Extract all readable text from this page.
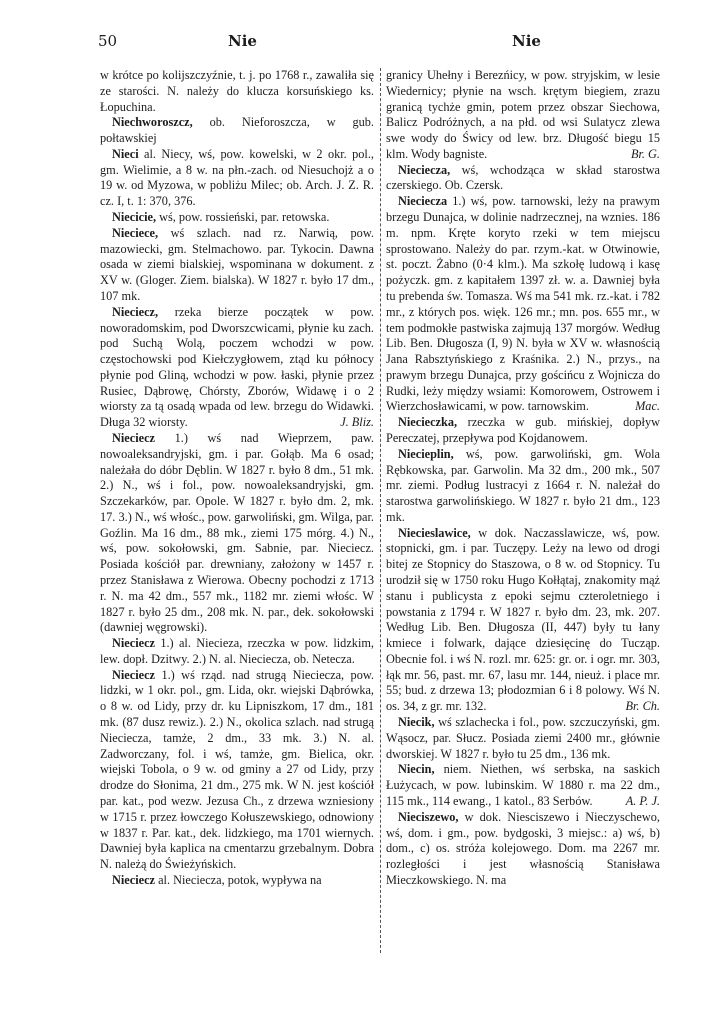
50	Nie	Nie

w krótce po kolijszczyźnie, t. j. po 1768 r., zawaliła się ze starości. N. należy do klucza korsuńskiego ks. Łopuchina.

Niechworoszcz, ob. Nieforoszcza, w gub. połtawskiej

Nieci al. Niecy, wś, pow. kowelski, w 2 okr. pol., gm. Wielimie, a 8 w. na płn.-zach. od Niesuchojż a o 19 w. od Myzowa, w pobliżu Milec; ob. Arch. J. Z. R. cz. I, t. 1: 370, 376.

Niecicie, wś, pow. rossieński, par. retowska.

Nieciece, wś szlach. nad rz. Narwią, pow. mazowiecki, gm. Stelmachowo. par. Tykocin. Dawna osada w ziemi bialskiej, wspominana w dokument. z XV w. (Gloger. Ziem. bialska). W 1827 r. było 17 dm., 107 mk.

Nieciecz, rzeka bierze początek w pow. noworadomskim, pod Dworszcwicami, płynie ku zach. pod Suchą Wolą, poczem wchodzi w pow. częstochowski pod Kiełczygłowem, ztąd ku północy płynie pod Gliną, wchodzi w pow. łaski, płynie przez Rusiec, Dąbrowę, Chórsty, Zborów, Widawę i o 2 wiorsty za tą osadą wpada od lew. brzegu do Widawki. Długa 32 wiorsty.	J. Bliz.

Nieciecz 1.) wś nad Wieprzem, paw. nowoaleksandryjski, gm. i par. Gołąb. Ma 6 osad; należała do dóbr Dęblin. W 1827 r. było 8 dm., 51 mk. 2.) N., wś i fol., pow. nowoaleksandryjski, gm. Szczekarków, par. Opole. W 1827 r. było dm. 2, mk. 17. 3.) N., wś włośc., pow. garwoliński, gm. Wilga, par. Goźlin. Ma 16 dm., 88 mk., ziemi 175 mórg. 4.) N., wś, pow. sokołowski, gm. Sabnie, par. Nieciecz. Posiada kościół par. drewniany, założony w 1457 r. przez Stanisława z Wierowa. Obecny pochodzi z 1713 r. N. ma 42 dm., 557 mk., 1182 mr. ziemi włośc. W 1827 r. było 25 dm., 208 mk. N. par., dek. sokołowski (dawniej węgrowski).

Nieciecz 1.) al. Niecieza, rzeczka w pow. lidzkim, lew. dopł. Dzitwy. 2.) N. al. Nieciecza, ob. Netecza.

Nieciecz 1.) wś rząd. nad strugą Nieciecza, pow. lidzki, w 1 okr. pol., gm. Lida, okr. wiejski Dąbrówka, o 8 w. od Lidy, przy dr. ku Lipniszkom, 17 dm., 181 mk. (87 dusz rewiz.). 2.) N., okolica szlach. nad strugą Nieciecza, tamże, 2 dm., 33 mk. 3.) N. al. Zadworczany, fol. i wś, tamże, gm. Bielica, okr. wiejski Tobola, o 9 w. od gminy a 27 od Lidy, przy drodze do Słonima, 21 dm., 275 mk. W N. jest kościół par. kat., pod wezw. Jezusa Ch., z drzewa wzniesiony w 1715 r. przez łowczego Kołuszewskiego, odnowiony w 1837 r. Par. kat., dek. lidzkiego, ma 1701 wiernych. Dawniej była kaplica na cmentarzu grzebalnym. Dobra N. należą do Świeżyńskich.

Nieciecz al. Nieciecza, potok, wypływa na

granicy Uhełny i Berezńicy, w pow. stryjskim, w lesie Wiedernicy; płynie na wsch. krętym biegiem, zrazu granicą tychże gmin, potem przez obszar Siechowa, Balicz Podróżnych, a na płd. od wsi Sulatycz zlewa swe wody do Świcy od lew. brz. Długość biegu 15 klm. Wody bagniste.	Br. G.

Nieciecza, wś, wchodząca w skład starostwa czerskiego. Ob. Czersk.

Nieciecza 1.) wś, pow. tarnowski, leży na prawym brzegu Dunajca, w dolinie nadrzecznej, na wznies. 186 m. npm. Kręte koryto rzeki w tem miejscu sprostowano. Należy do par. rzym.-kat. w Otwinowie, st. poczt. Żabno (0·4 klm.). Ma szkołę ludową i kasę pożyczk. gm. z kapitałem 1397 zł. w. a. Dawniej była tu prebenda św. Tomasza. Wś ma 541 mk. rz.-kat. i 782 mr., z których pos. więk. 126 mr.; mn. pos. 655 mr., w tem podmokłe pastwiska zajmują 137 morgów. Według Lib. Ben. Długosza (I, 9) N. była w XV w. własnością Jana Rabsztyńskiego z Kraśnika. 2.) N., przys., na prawym brzegu Dunajca, przy gościńcu z Wojnicza do Rudki, leży między wsiami: Komorowem, Ostrowem i Wierzchosławicami, w pow. tarnowskim.	Mac.

Niecieczka, rzeczka w gub. mińskiej, dopływ Pereczatej, przepływa pod Kojdanowem.

Niecieplin, wś, pow. garwoliński, gm. Wola Rębkowska, par. Garwolin. Ma 32 dm., 200 mk., 507 mr. ziemi. Podług lustracyi z 1664 r. N. należał do starostwa garwolińskiego. W 1827 r. było 21 dm., 123 mk.

Niecieslawice, w dok. Naczasslawicze, wś, pow. stopnicki, gm. i par. Tuczępy. Leży na lewo od drogi bitej ze Stopnicy do Staszowa, o 8 w. od Stopnicy. Tu urodził się w 1750 roku Hugo Kołłątaj, znakomity mąż stanu i publicysta z epoki sejmu czteroletniego i powstania z 1794 r. W 1827 r. było dm. 23, mk. 207. Według Lib. Ben. Długosza (II, 447) były tu łany kmiece i folwark, dające dziesięcinę do Tucząp. Obecnie fol. i wś N. rozl. mr. 625: gr. or. i ogr. mr. 303, łąk mr. 56, past. mr. 67, lasu mr. 144, nieuż. i place mr. 55; bud. z drzewa 13; płodozmian 6 i 8 polowy. Wś N. os. 34, z gr. mr. 132.	Br. Ch.

Niecik, wś szlachecka i fol., pow. szczuczyński, gm. Wąsocz, par. Słucz. Posiada ziemi 2400 mr., głównie dworskiej. W 1827 r. było tu 25 dm., 136 mk.

Niecin, niem. Niethen, wś serbska, na saskich Łużycach, w pow. lubinskim. W 1880 r. ma 22 dm., 115 mk., 114 ewang., 1 katol., 83 Serbów.	A. P. J.

Nieciszewo, w dok. Niesciszewo i Nieczyschewo, wś, dom. i gm., pow. bydgoski, 3 miejsc.: a) wś, b) dom., c) os. stróża kolejowego. Dom. ma 2267 mr. rozległości i jest własnością Stanisława Mieczkowskiego. N. ma
